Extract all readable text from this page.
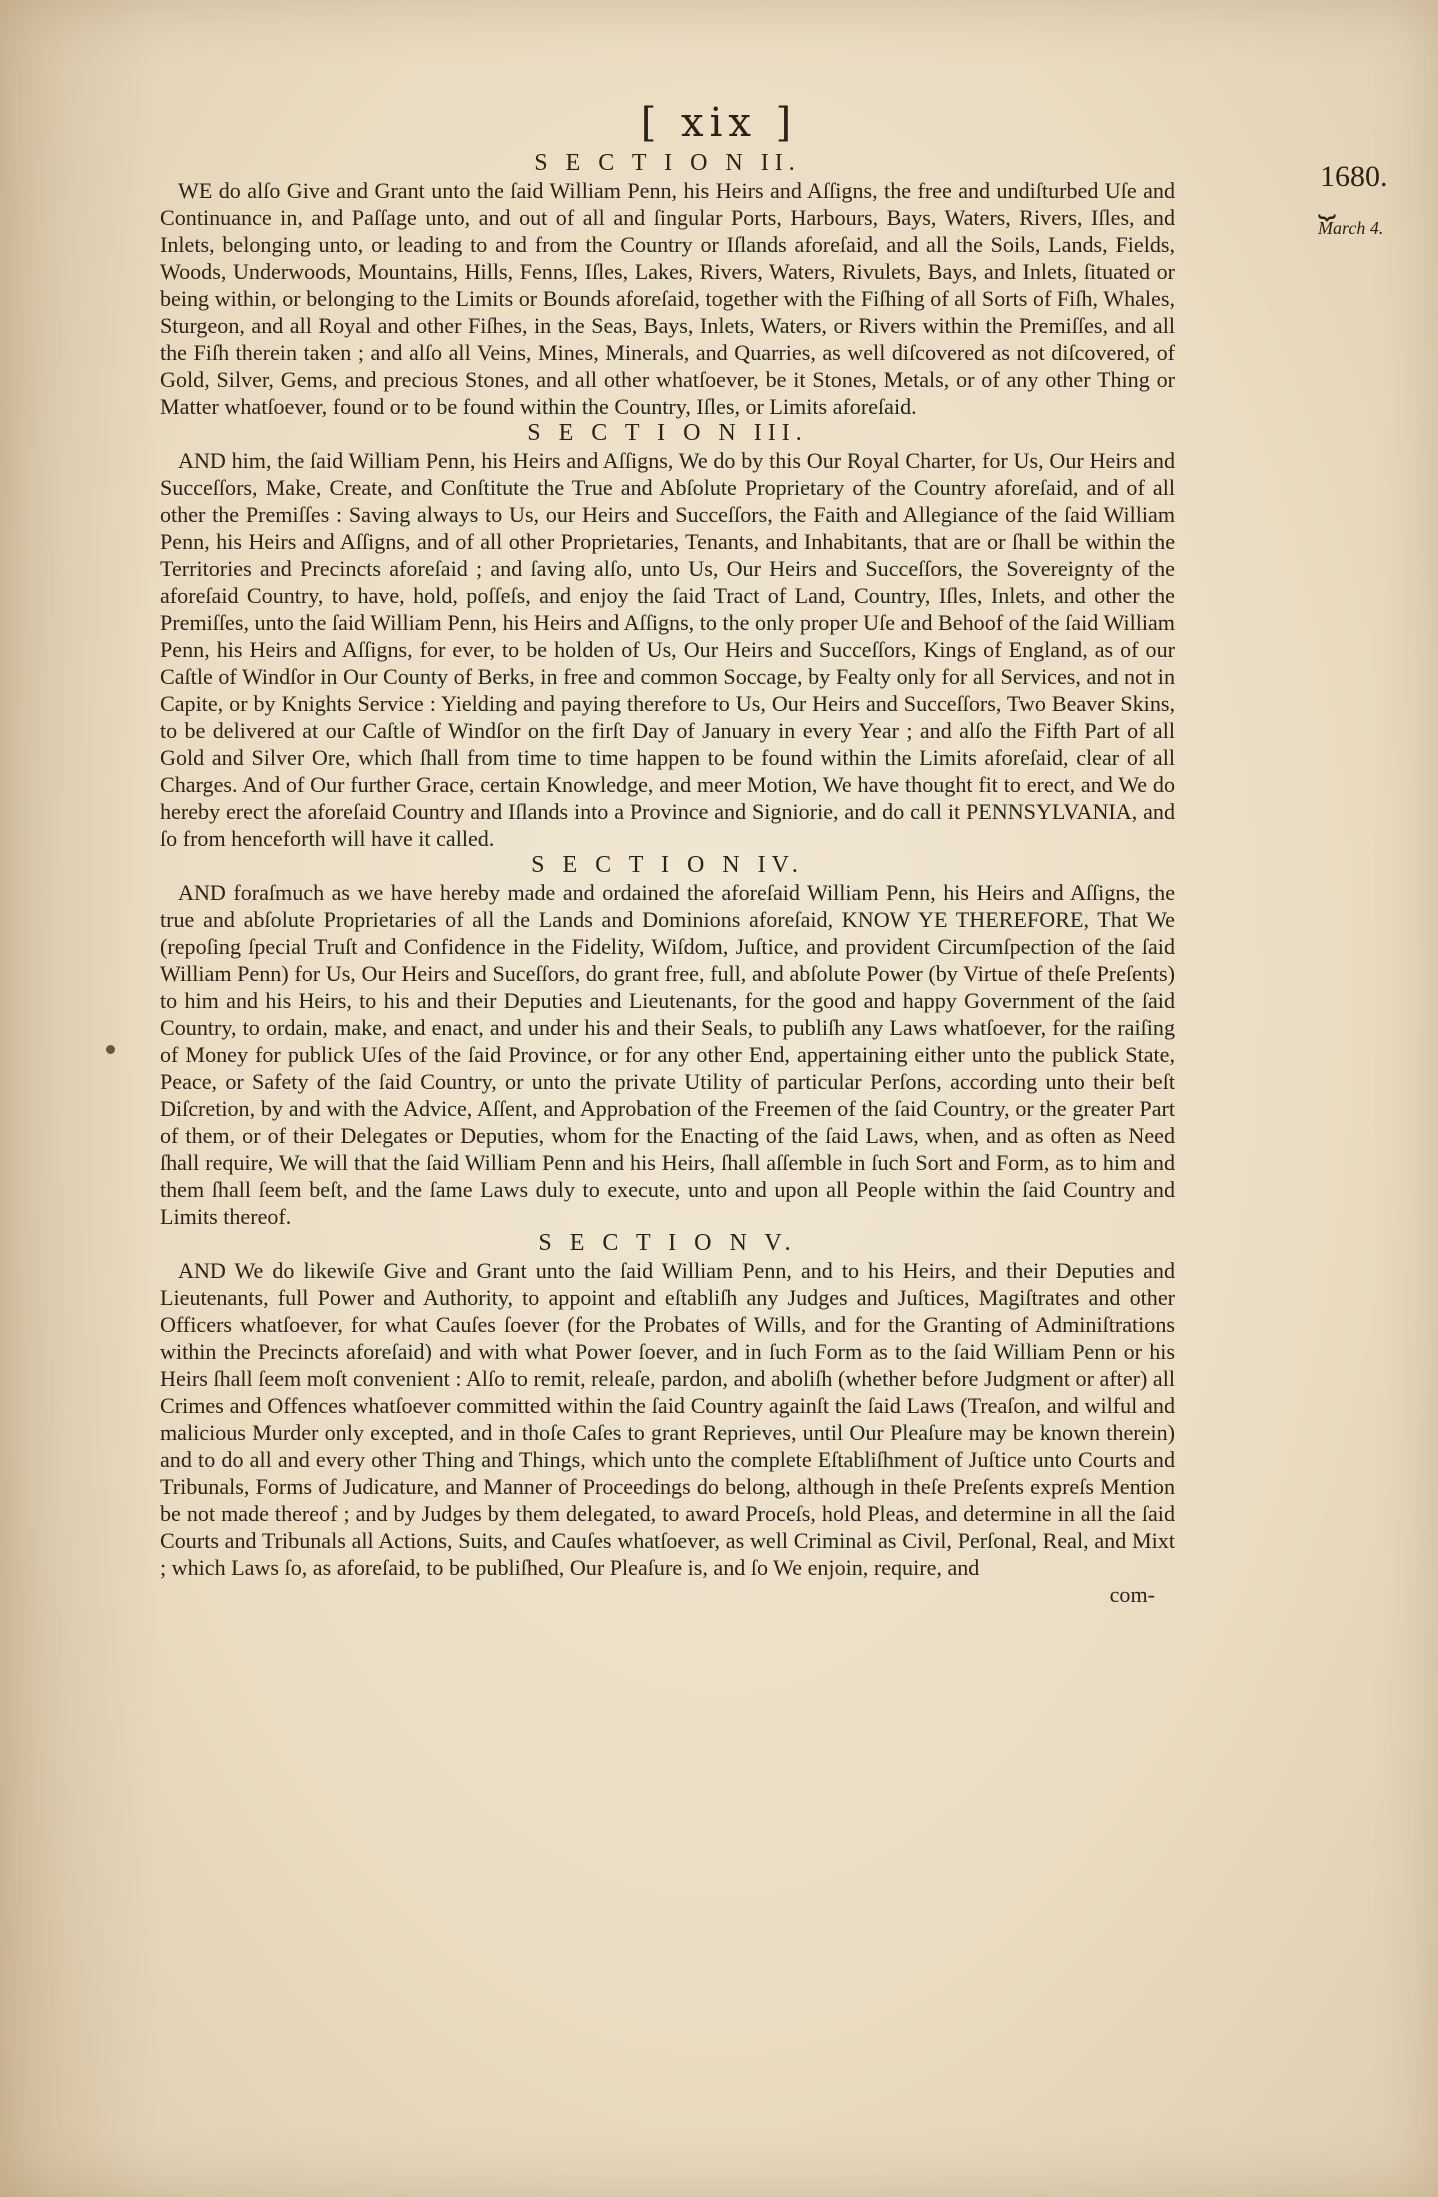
[ xix ]
1680.
⏟
March 4.

S E C T I O N II.

WE do alſo Give and Grant unto the ſaid William Penn, his Heirs and Aſſigns, the free and undiſturbed Uſe and Continuance in, and Paſſage unto, and out of all and ſingular Ports, Harbours, Bays, Waters, Rivers, Iſles, and Inlets, belonging unto, or leading to and from the Country or Iſlands aforeſaid, and all the Soils, Lands, Fields, Woods, Underwoods, Mountains, Hills, Fenns, Iſles, Lakes, Rivers, Waters, Rivulets, Bays, and Inlets, ſituated or being within, or belonging to the Limits or Bounds aforeſaid, together with the Fiſhing of all Sorts of Fiſh, Whales, Sturgeon, and all Royal and other Fiſhes, in the Seas, Bays, Inlets, Waters, or Rivers within the Premiſſes, and all the Fiſh therein taken ; and alſo all Veins, Mines, Minerals, and Quarries, as well diſcovered as not diſcovered, of Gold, Silver, Gems, and precious Stones, and all other whatſoever, be it Stones, Metals, or of any other Thing or Matter whatſoever, found or to be found within the Country, Iſles, or Limits aforeſaid.

S E C T I O N III.

AND him, the ſaid William Penn, his Heirs and Aſſigns, We do by this Our Royal Charter, for Us, Our Heirs and Succeſſors, Make, Create, and Conſtitute the True and Abſolute Proprietary of the Country aforeſaid, and of all other the Premiſſes : Saving always to Us, our Heirs and Succeſſors, the Faith and Allegiance of the ſaid William Penn, his Heirs and Aſſigns, and of all other Proprietaries, Tenants, and Inhabitants, that are or ſhall be within the Territories and Precincts aforeſaid ; and ſaving alſo, unto Us, Our Heirs and Succeſſors, the Sovereignty of the aforeſaid Country, to have, hold, poſſeſs, and enjoy the ſaid Tract of Land, Country, Iſles, Inlets, and other the Premiſſes, unto the ſaid William Penn, his Heirs and Aſſigns, to the only proper Uſe and Behoof of the ſaid William Penn, his Heirs and Aſſigns, for ever, to be holden of Us, Our Heirs and Succeſſors, Kings of England, as of our Caſtle of Windſor in Our County of Berks, in free and common Soccage, by Fealty only for all Services, and not in Capite, or by Knights Service : Yielding and paying therefore to Us, Our Heirs and Succeſſors, Two Beaver Skins, to be delivered at our Caſtle of Windſor on the firſt Day of January in every Year ; and alſo the Fifth Part of all Gold and Silver Ore, which ſhall from time to time happen to be found within the Limits aforeſaid, clear of all Charges. And of Our further Grace, certain Knowledge, and meer Motion, We have thought fit to erect, and We do hereby erect the aforeſaid Country and Iſlands into a Province and Signiorie, and do call it PENNSYLVANIA, and ſo from henceforth will have it called.

S E C T I O N IV.

AND foraſmuch as we have hereby made and ordained the aforeſaid William Penn, his Heirs and Aſſigns, the true and abſolute Proprietaries of all the Lands and Dominions aforeſaid, KNOW YE THEREFORE, That We (repoſing ſpecial Truſt and Confidence in the Fidelity, Wiſdom, Juſtice, and provident Circumſpection of the ſaid William Penn) for Us, Our Heirs and Suceſſors, do grant free, full, and abſolute Power (by Virtue of theſe Preſents) to him and his Heirs, to his and their Deputies and Lieutenants, for the good and happy Government of the ſaid Country, to ordain, make, and enact, and under his and their Seals, to publiſh any Laws whatſoever, for the raiſing of Money for publick Uſes of the ſaid Province, or for any other End, appertaining either unto the publick State, Peace, or Safety of the ſaid Country, or unto the private Utility of particular Perſons, according unto their beſt Diſcretion, by and with the Advice, Aſſent, and Approbation of the Freemen of the ſaid Country, or the greater Part of them, or of their Delegates or Deputies, whom for the Enacting of the ſaid Laws, when, and as often as Need ſhall require, We will that the ſaid William Penn and his Heirs, ſhall aſſemble in ſuch Sort and Form, as to him and them ſhall ſeem beſt, and the ſame Laws duly to execute, unto and upon all People within the ſaid Country and Limits thereof.

S E C T I O N V.

AND We do likewiſe Give and Grant unto the ſaid William Penn, and to his Heirs, and their Deputies and Lieutenants, full Power and Authority, to appoint and eſtabliſh any Judges and Juſtices, Magiſtrates and other Officers whatſoever, for what Cauſes ſoever (for the Probates of Wills, and for the Granting of Adminiſtrations within the Precincts aforeſaid) and with what Power ſoever, and in ſuch Form as to the ſaid William Penn or his Heirs ſhall ſeem moſt convenient : Alſo to remit, releaſe, pardon, and aboliſh (whether before Judgment or after) all Crimes and Offences whatſoever committed within the ſaid Country againſt the ſaid Laws (Treaſon, and wilful and malicious Murder only excepted, and in thoſe Caſes to grant Reprieves, until Our Pleaſure may be known therein) and to do all and every other Thing and Things, which unto the complete Eſtabliſhment of Juſtice unto Courts and Tribunals, Forms of Judicature, and Manner of Proceedings do belong, although in theſe Preſents expreſs Mention be not made thereof ; and by Judges by them delegated, to award Proceſs, hold Pleas, and determine in all the ſaid Courts and Tribunals all Actions, Suits, and Cauſes whatſoever, as well Criminal as Civil, Perſonal, Real, and Mixt ; which Laws ſo, as aforeſaid, to be publiſhed, Our Pleaſure is, and ſo We enjoin, require, and

com-
